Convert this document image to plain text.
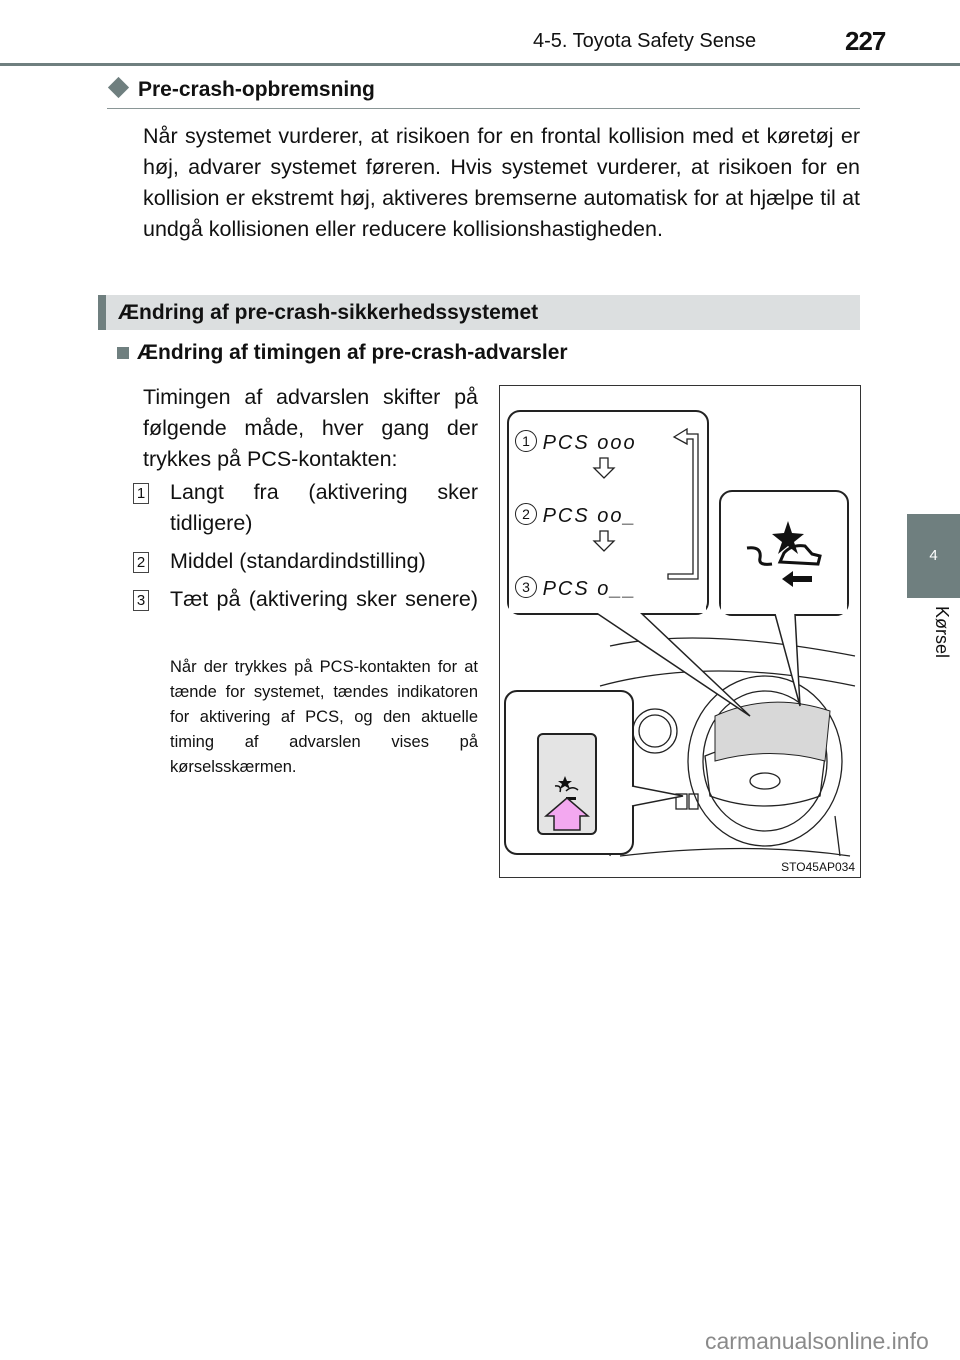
4-5. Toyota Safety Sense	227
4
Kørsel
Pre-crash-opbremsning
Når systemet vurderer, at risikoen for en frontal kollision med et køretøj er høj, advarer systemet føreren. Hvis systemet vurderer, at risikoen for en kollision er ekstremt høj, aktiveres bremserne automatisk for at hjælpe til at undgå kollisionen eller reducere kollisionshastigheden.
Ændring af pre-crash-sikkerhedssystemet
Ændring af timingen af pre-crash-advarsler
Timingen af advarslen skifter på følgende måde, hver gang der trykkes på PCS-kontakten:
1 Langt fra (aktivering sker tidligere)
2 Middel (standardindstilling)
3 Tæt på (aktivering sker senere)
Når der trykkes på PCS-kontakten for at tænde for systemet, tændes indikatoren for aktivering af PCS, og den aktuelle timing af advarslen vises på kørselsskærmen.
1 PCS ooo
2 PCS oo_
3 PCS o__
STO45AP034
carmanualsonline.info
